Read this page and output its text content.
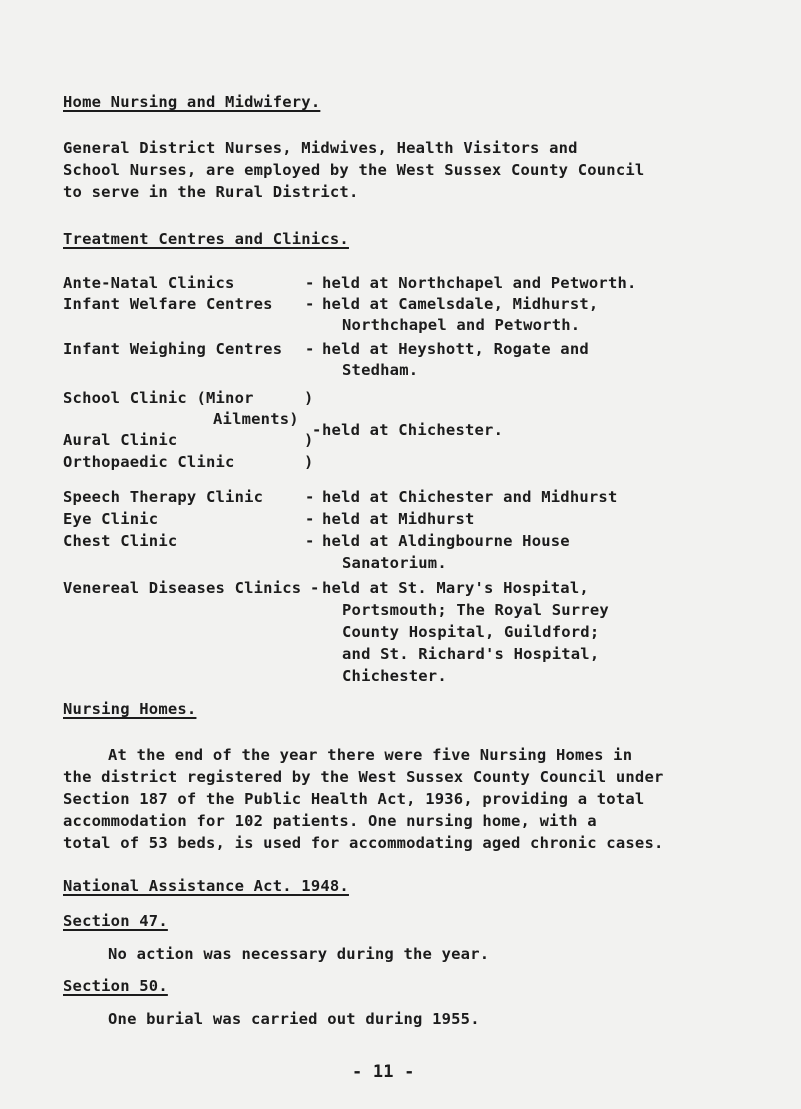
Home Nursing and Midwifery.
General District Nurses, Midwives, Health Visitors and
School Nurses, are employed by the West Sussex County Council
to serve in the Rural District.
Treatment Centres and Clinics.
Ante-Natal Clinics	- held at Northchapel and Petworth.
Infant Welfare Centres - held at Camelsdale, Midhurst,
Northchapel and Petworth.
Infant Weighing Centres - held at Heyshott, Rogate and
Stedham.
School Clinic (Minor	)
Ailments)
Aural Clinic	)
- held at Chichester.
Orthopaedic Clinic	)
Speech Therapy Clinic	- held at Chichester and Midhurst
Eye Clinic	- held at Midhurst
Chest Clinic	- held at Aldingbourne House
Sanatorium.
Venereal Diseases Clinics - held at St. Mary's Hospital,
Portsmouth; The Royal Surrey
County Hospital, Guildford;
and St. Richard's Hospital,
Chichester.
Nursing Homes.
At the end of the year there were five Nursing Homes in
the district registered by the West Sussex County Council under
Section 187 of the Public Health Act, 1936, providing a total
accommodation for 102 patients. One nursing home, with a
total of 53 beds, is used for accommodating aged chronic cases.
National Assistance Act. 1948.
Section 47.
No action was necessary during the year.
Section 50.
One burial was carried out during 1955.
- 11 -
